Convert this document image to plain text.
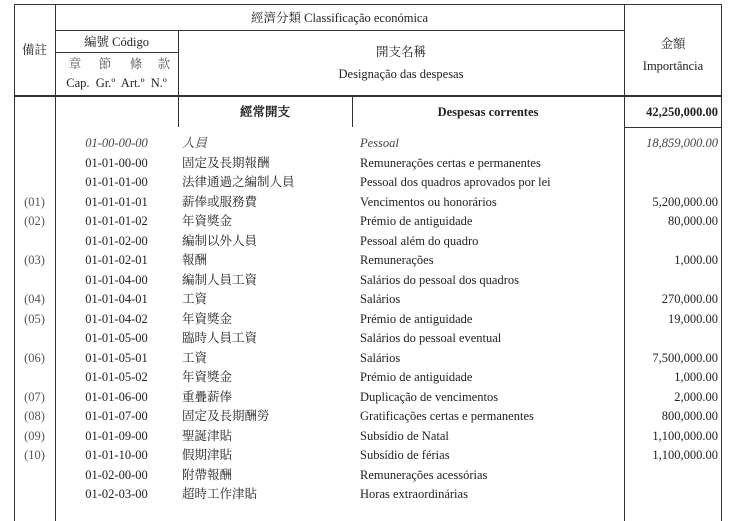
備註
經濟分類 Classificação económica
編號 Código
章	節	條	款
Cap.  Gr.º  Art.º  N.º
開支名稱
Designação das despesas
金額
Importância
經常開支	Despesas correntes	42,250,000.00
01-00-00-00	人員	Pessoal	18,859,000.00
01-01-00-00	固定及長期報酬	Remunerações certas e permanentes
01-01-01-00	法律通過之編制人員	Pessoal dos quadros aprovados por lei
(01)	01-01-01-01	薪俸或服務費	Vencimentos ou honorários	5,200,000.00
(02)	01-01-01-02	年資獎金	Prémio de antiguidade	80,000.00
01-01-02-00	編制以外人員	Pessoal além do quadro
(03)	01-01-02-01	報酬	Remunerações	1,000.00
01-01-04-00	編制人員工資	Salários do pessoal dos quadros
(04)	01-01-04-01	工資	Salários	270,000.00
(05)	01-01-04-02	年資獎金	Prémio de antiguidade	19,000.00
01-01-05-00	臨時人員工資	Salários do pessoal eventual
(06)	01-01-05-01	工資	Salários	7,500,000.00
01-01-05-02	年資獎金	Prémio de antiguidade	1,000.00
(07)	01-01-06-00	重疊薪俸	Duplicação de vencimentos	2,000.00
(08)	01-01-07-00	固定及長期酬勞	Gratificações certas e permanentes	800,000.00
(09)	01-01-09-00	聖誕津貼	Subsídio de Natal	1,100,000.00
(10)	01-01-10-00	假期津貼	Subsídio de férias	1,100,000.00
01-02-00-00	附帶報酬	Remunerações acessórias
01-02-03-00	超時工作津貼	Horas extraordinárias
